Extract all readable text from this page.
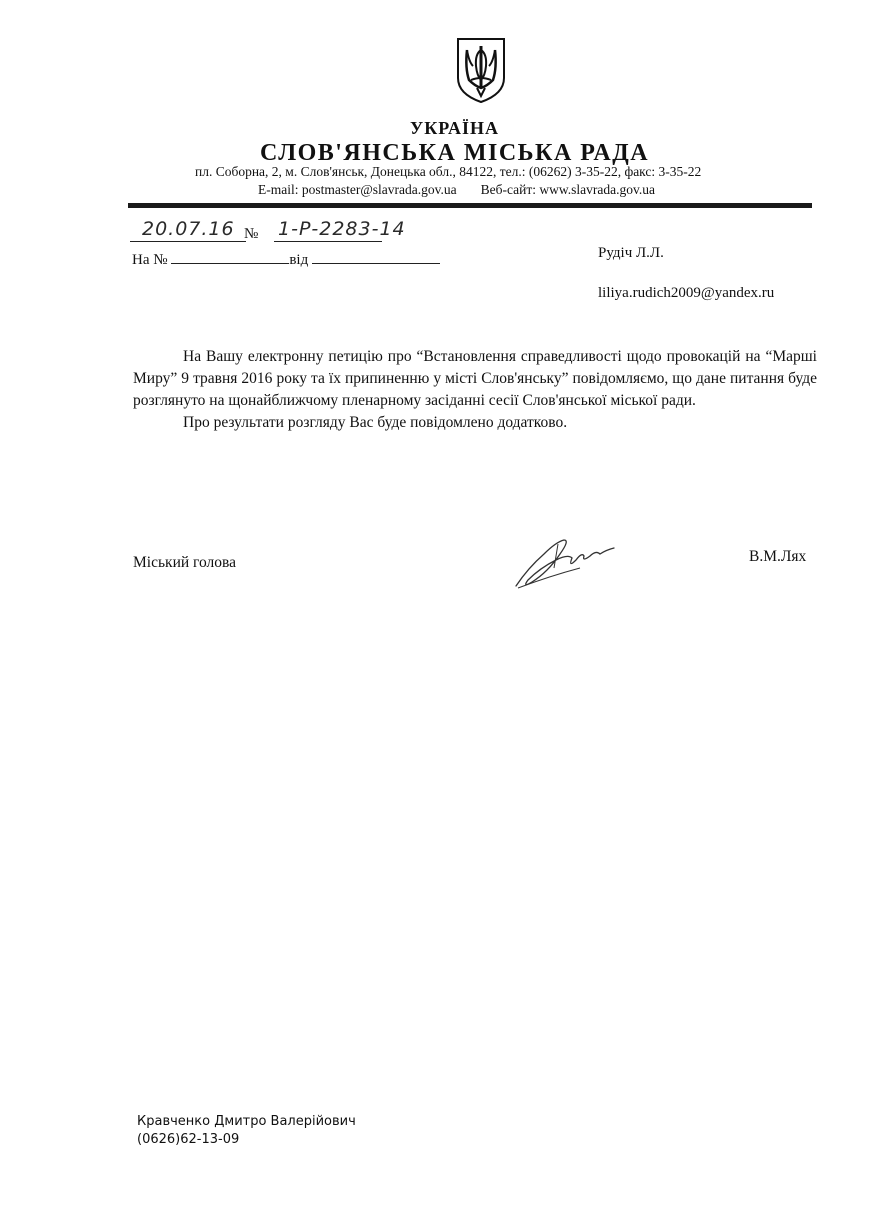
УКРАЇНА
СЛОВ'ЯНСЬКА МІСЬКА РАДА
пл. Соборна, 2, м. Слов'янськ, Донецька обл., 84122, тел.: (06262) 3-35-22, факс: 3-35-22
E-mail: postmaster@slavrada.gov.ua Веб-сайт: www.slavrada.gov.ua
20.07.16 № 1-Р-2283-14
На №	від	Рудіч Л.Л.
liliya.rudich2009@yandex.ru

На Вашу електронну петицію про “Встановлення справедливості щодо провокацій на “Марші Миру” 9 травня 2016 року та їх припиненню у місті Слов'янську” повідомляємо, що дане питання буде розглянуто на щонайближчому пленарному засіданні сесії Слов'янської міської ради.

Про результати розгляду Вас буде повідомлено додатково.

Міський голова	В.М.Лях
Кравченко Дмитро Валерійович
(0626)62-13-09
